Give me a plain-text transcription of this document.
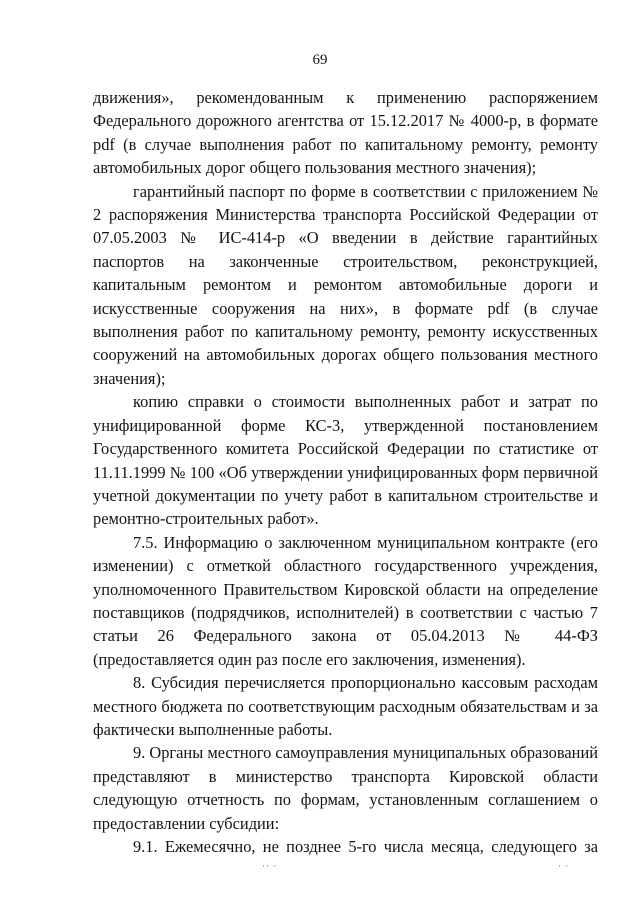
69

движения», рекомендованным к применению распоряжением Федерального дорожного агентства от 15.12.2017 № 4000-р, в формате pdf (в случае выполнения работ по капитальному ремонту, ремонту автомобильных дорог общего пользования местного значения);

гарантийный паспорт по форме в соответствии с приложением № 2 распоряжения Министерства транспорта Российской Федерации от 07.05.2003 № ИС-414-р «О введении в действие гарантийных паспортов на законченные строительством, реконструкцией, капитальным ремонтом и ремонтом автомобильные дороги и искусственные сооружения на них», в формате pdf (в случае выполнения работ по капитальному ремонту, ремонту искусственных сооружений на автомобильных дорогах общего пользования местного значения);

копию справки о стоимости выполненных работ и затрат по унифицированной форме КС-3, утвержденной постановлением Государственного комитета Российской Федерации по статистике от 11.11.1999 № 100 «Об утверждении унифицированных форм первичной учетной документации по учету работ в капитальном строительстве и ремонтно-строительных работ».

7.5. Информацию о заключенном муниципальном контракте (его изменении) с отметкой областного государственного учреждения, уполномоченного Правительством Кировской области на определение поставщиков (подрядчиков, исполнителей) в соответствии с частью 7 статьи 26 Федерального закона от 05.04.2013 № 44-ФЗ (предоставляется один раз после его заключения, изменения).

8. Субсидия перечисляется пропорционально кассовым расходам местного бюджета по соответствующим расходным обязательствам и за фактически выполненные работы.

9. Органы местного самоуправления муниципальных образований представляют в министерство транспорта Кировской области следующую отчетность по формам, установленным соглашением о предоставлении субсидии:

9.1. Ежемесячно, не позднее 5-го числа месяца, следующего за

·· ·	· ·
